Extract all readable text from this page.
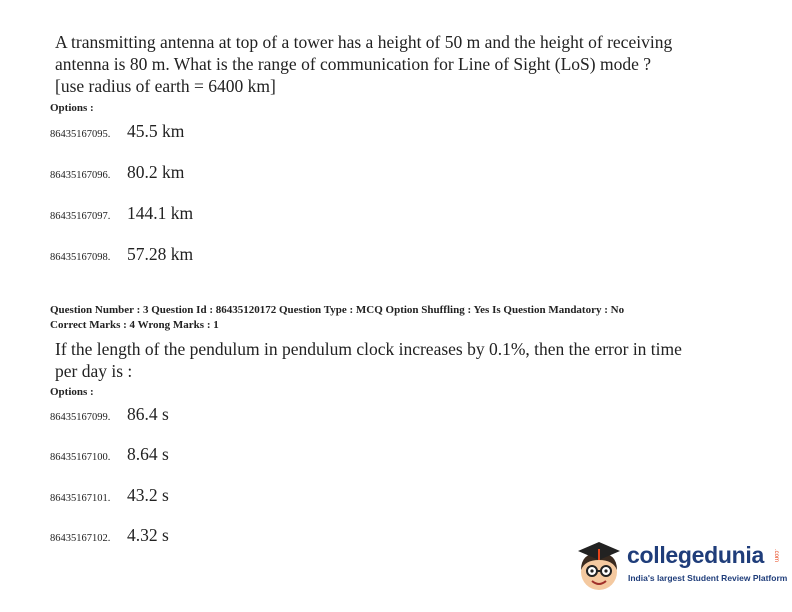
A transmitting antenna at top of a tower has a height of 50 m and the height of receiving

antenna is 80 m. What is the range of communication for Line of Sight (LoS) mode ?

[use radius of earth = 6400 km]

Options :
86435167095. 45.5 km
86435167096. 80.2 km
86435167097. 144.1 km
86435167098. 57.28 km
Question Number : 3 Question Id : 86435120172 Question Type : MCQ Option Shuffling : Yes Is Question Mandatory : No
Correct Marks : 4 Wrong Marks : 1

If the length of the pendulum in pendulum clock increases by 0.1%, then the error in time

per day is :

Options :
86435167099. 86.4 s
86435167100. 8.64 s
86435167101. 43.2 s
86435167102. 4.32 s
collegedunia .com
India's largest Student Review Platform
